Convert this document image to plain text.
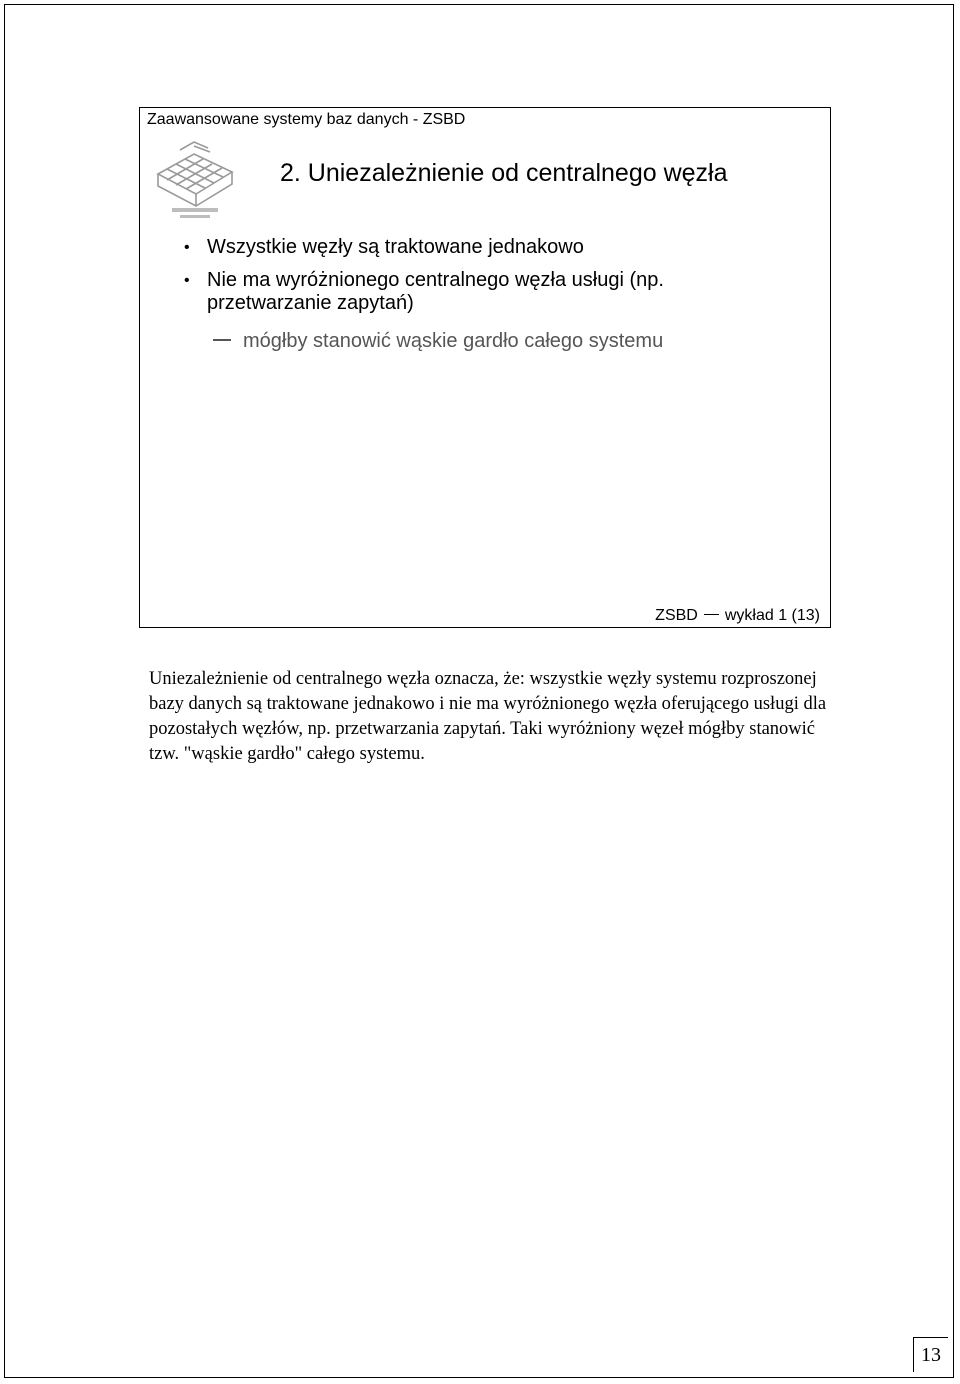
Zaawansowane systemy baz danych - ZSBD
2. Uniezależnienie od centralnego węzła
• Wszystkie węzły są traktowane jednakowo
• Nie ma wyróżnionego centralnego węzła usługi (np. przetwarzanie zapytań)
mógłby stanowić wąskie gardło całego systemu
ZSBD wykład 1 (13)

Uniezależnienie od centralnego węzła oznacza, że: wszystkie węzły systemu rozproszonej bazy danych są traktowane jednakowo i nie ma wyróżnionego węzła oferującego usługi dla pozostałych węzłów, np. przetwarzania zapytań. Taki wyróżniony węzeł mógłby stanowić tzw. "wąskie gardło" całego systemu.

13
